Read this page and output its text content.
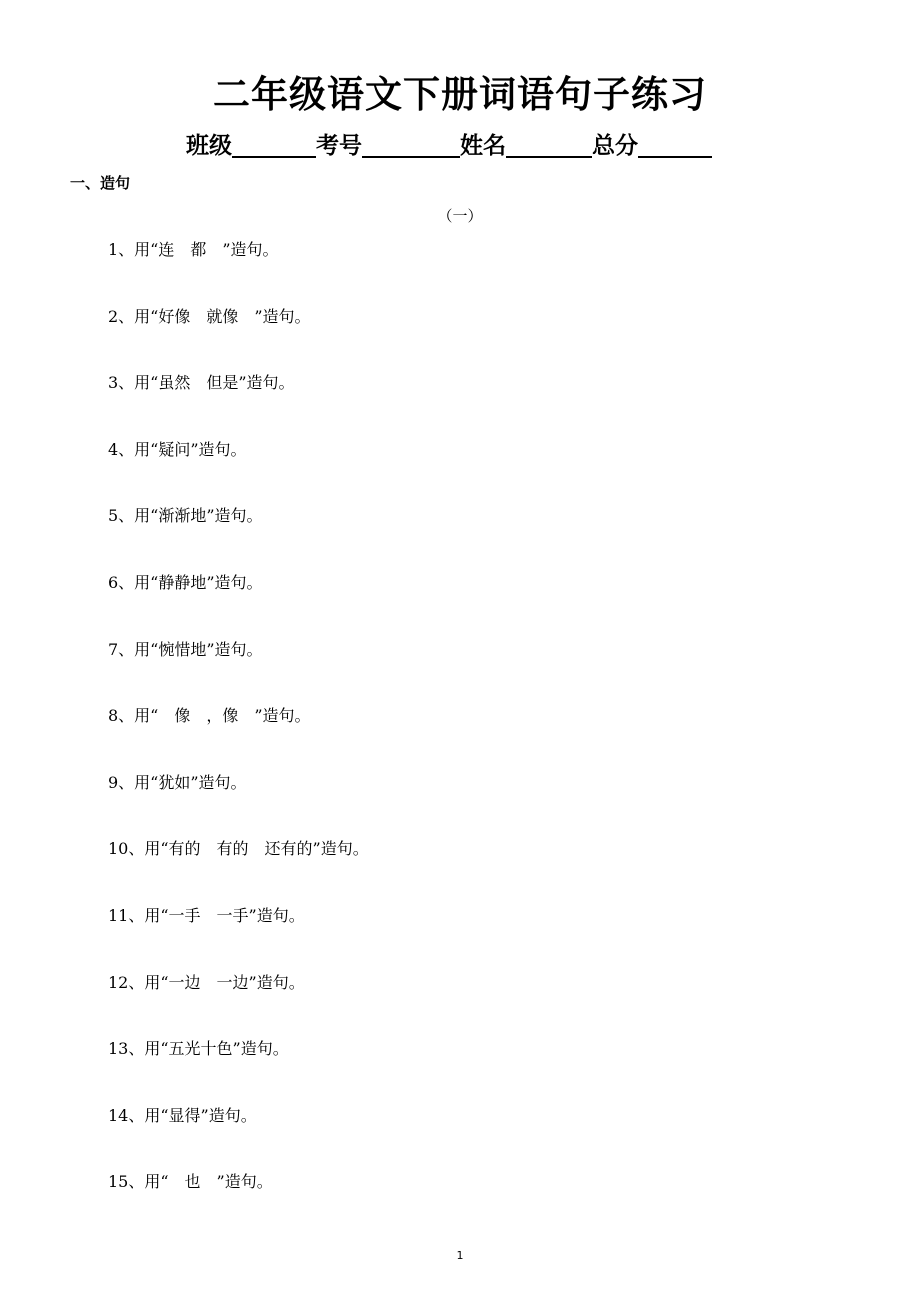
二年级语文下册词语句子练习
班级	考号	姓名	总分
一、造句
（一）
1、用“连　都　”造句。
2、用“好像　就像　”造句。
3、用“虽然　但是”造句。
4、用“疑问”造句。
5、用“渐渐地”造句。
6、用“静静地”造句。
7、用“惋惜地”造句。
8、用“　像　，像　”造句。
9、用“犹如”造句。
10、用“有的　有的　还有的”造句。
11、用“一手　一手”造句。
12、用“一边　一边”造句。
13、用“五光十色”造句。
14、用“显得”造句。
15、用“　也　”造句。
1
